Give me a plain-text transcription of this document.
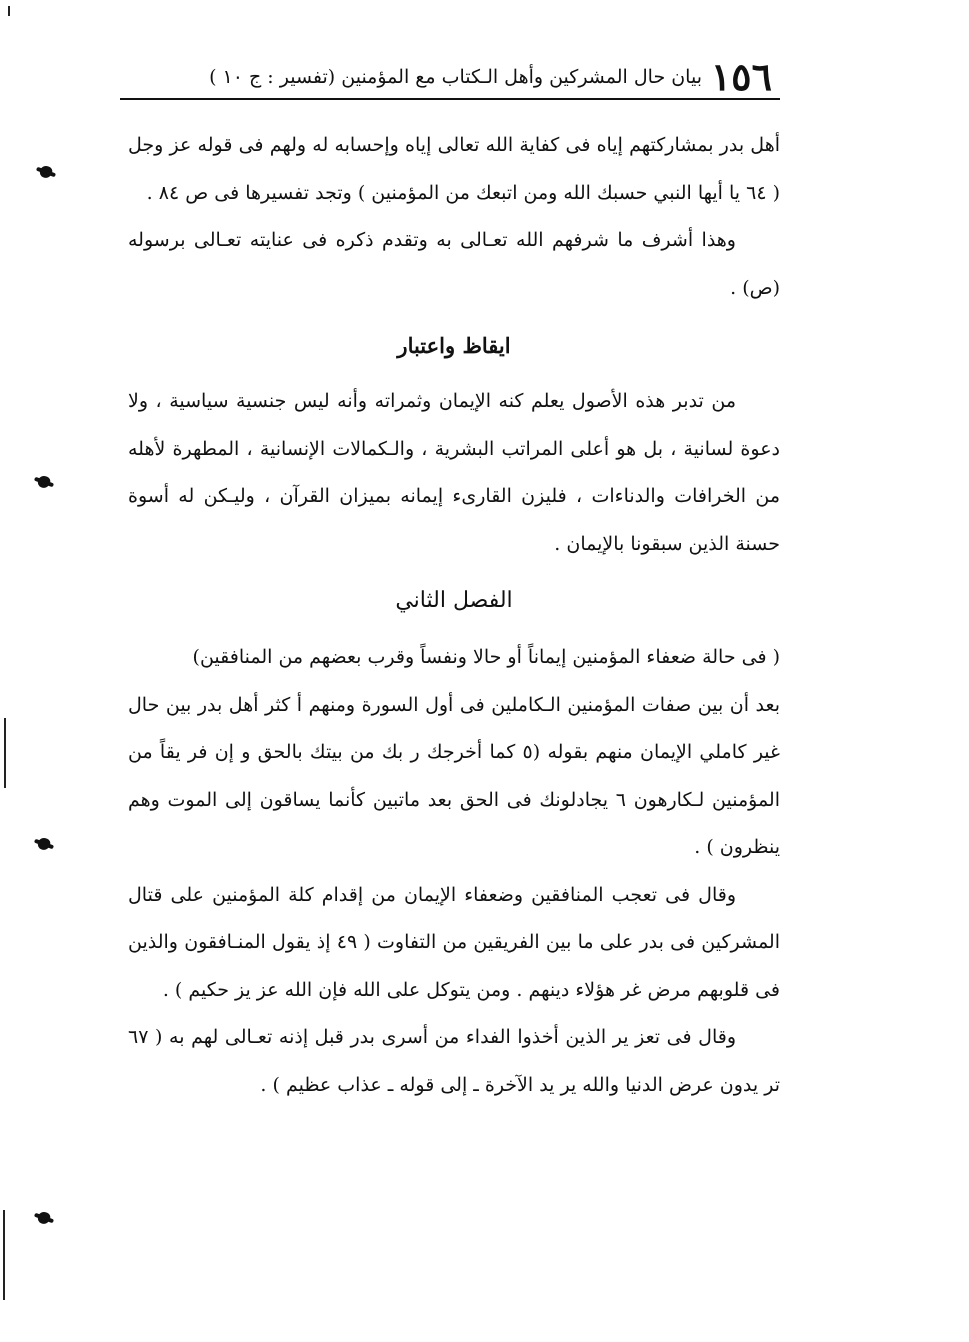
١٥٦
بيان حال المشركين وأهل الـكتاب مع المؤمنين (تفسير : ج ١٠ )

أهل بدر بمشاركتهم إياه فى كفاية الله تعالى إياه وإحسابه له ولهم فى قوله عز وجل ( ٦٤ يا أيها النبي حسبك الله ومن اتبعك من المؤمنين ) وتجد تفسيرها فى ص ٨٤ .

وهذا أشرف ما شرفهم الله تعـالى به وتقدم ذكره فى عنايته تعـالى برسوله (ص) .

ايقاظ واعتبار

من تدبر هذه الأصول يعلم كنه الإيمان وثمراته وأنه ليس جنسية سياسية ، ولا دعوة لسانية ، بل هو أعلى المراتب البشرية ، والـكمالات الإنسانية ، المطهرة لأهله من الخرافات والدناءات ، فليزن القارىء إيمانه بميزان القرآن ، وليـكن له أسوة حسنة الذين سبقونا بالإيمان .

الفصل الثاني

( فى حالة ضعفاء المؤمنين إيماناً أو حالا ونفساً وقرب بعضهم من المنافقين)

بعد أن بين صفات المؤمنين الـكاملين فى أول السورة ومنهم أ كثر أهل بدر بين حال غير كاملي الإيمان منهم بقوله (٥ كما أخرجك ر بك من بيتك بالحق و إن فر يقاً من المؤمنين لـكارهون ٦ يجادلونك فى الحق بعد ماتبين كأنما يساقون إلى الموت وهم ينظرون ) .

وقال فى تعجب المنافقين وضعفاء الإيمان من إقدام كلة المؤمنين على قتال المشركين فى بدر على ما بين الفريقين من التفاوت ( ٤٩ إذ يقول المنـافقون والذين فى قلوبهم مرض غر هؤلاء دينهم . ومن يتوكل على الله فإن الله عز يز حكيم ) .

وقال فى تعز ير الذين أخذوا الفداء من أسرى بدر قبل إذنه تعـالى لهم به ( ٦٧ تر يدون عرض الدنيا والله ير يد الآخرة ـ إلى قوله ـ عذاب عظيم ) .
